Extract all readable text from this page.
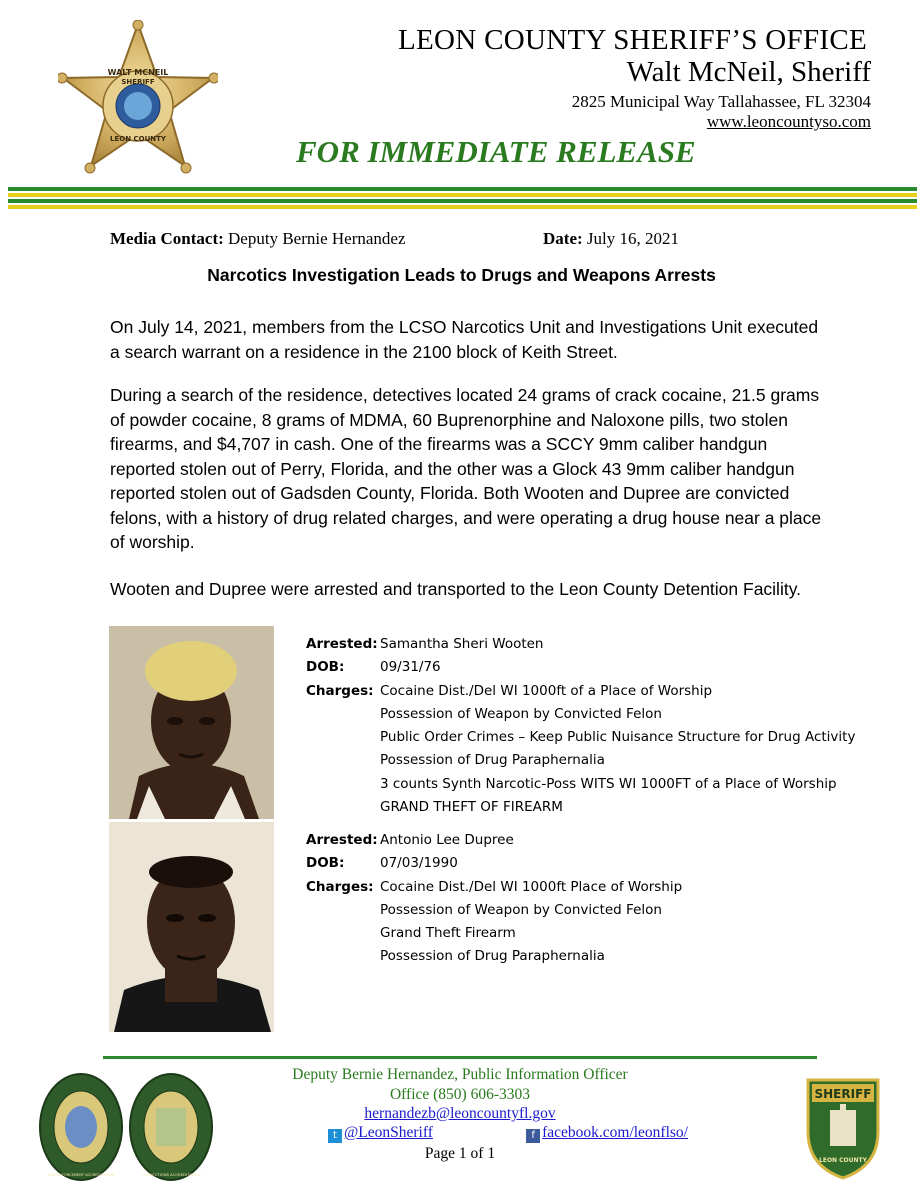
WALT MCNEIL
SHERIFF
LEON COUNTY
LEON COUNTY SHERIFF’S OFFICE
Walt McNeil, Sheriff
2825 Municipal Way Tallahassee, FL 32304
www.leoncountyso.com
FOR IMMEDIATE RELEASE
Media Contact: Deputy Bernie Hernandez	Date: July 16, 2021
Narcotics Investigation Leads to Drugs and Weapons Arrests
On July 14, 2021, members from the LCSO Narcotics Unit and Investigations Unit executed a search warrant on a residence in the 2100 block of Keith Street.
During a search of the residence, detectives located 24 grams of crack cocaine, 21.5 grams of powder cocaine, 8 grams of MDMA, 60 Buprenorphine and Naloxone pills, two stolen firearms, and $4,707 in cash. One of the firearms was a SCCY 9mm caliber handgun reported stolen out of Perry, Florida, and the other was a Glock 43 9mm caliber handgun reported stolen out of Gadsden County, Florida. Both Wooten and Dupree are convicted felons, with a history of drug related charges, and were operating a drug house near a place of worship.
Wooten and Dupree were arrested and transported to the Leon County Detention Facility.
Arrested: Samantha Sheri Wooten
DOB:	09/31/76
Charges: Cocaine Dist./Del WI 1000ft of a Place of Worship
Possession of Weapon by Convicted Felon
Public Order Crimes – Keep Public Nuisance Structure for Drug Activity
Possession of Drug Paraphernalia
3 counts Synth Narcotic-Poss WITS WI 1000FT of a Place of Worship
GRAND THEFT OF FIREARM
Arrested: Antonio Lee Dupree
DOB:	07/03/1990
Charges: Cocaine Dist./Del WI 1000ft Place of Worship
Possession of Weapon by Convicted Felon
Grand Theft Firearm
Possession of Drug Paraphernalia
LAW ENFORCEMENT ACCREDITATION	CORRECTIONS ACCREDITATION
Deputy Bernie Hernandez, Public Information Officer
Office (850) 606-3303
hernandezb@leoncountyfl.gov
t @LeonSheriff	f facebook.com/leonflso/
Page 1 of 1
SHERIFF
LEON COUNTY
